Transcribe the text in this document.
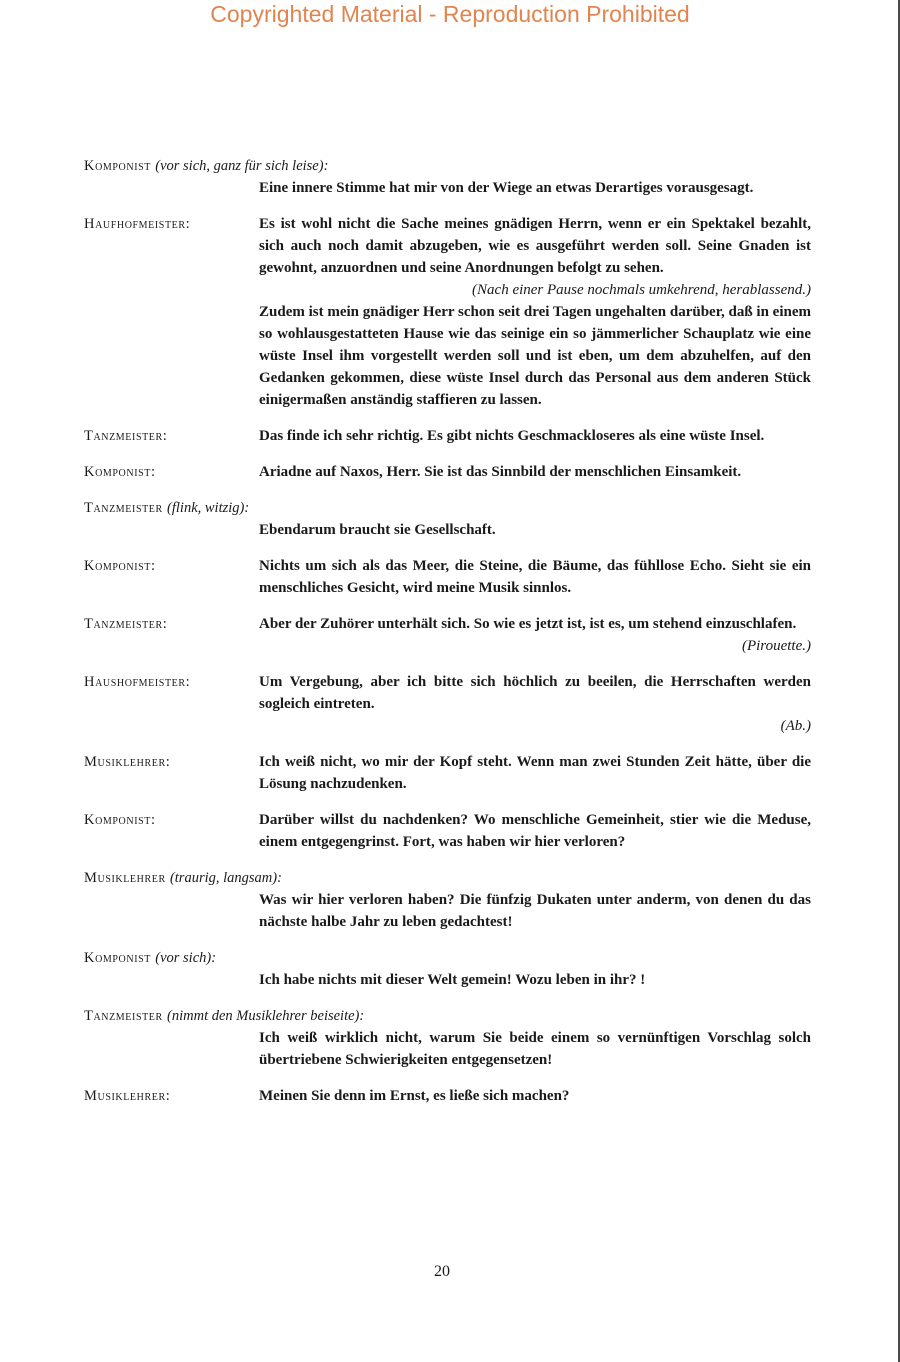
Copyrighted Material - Reproduction Prohibited
Komponist (vor sich, ganz für sich leise):
Eine innere Stimme hat mir von der Wiege an etwas Derartiges vorausgesagt.
Haufhofmeister:	Es ist wohl nicht die Sache meines gnädigen Herrn, wenn er ein Spektakel bezahlt, sich auch noch damit abzugeben, wie es ausgeführt werden soll. Seine Gnaden ist gewohnt, anzuordnen und seine Anordnungen befolgt zu sehen.
(Nach einer Pause nochmals umkehrend, herablassend.)
Zudem ist mein gnädiger Herr schon seit drei Tagen ungehalten darüber, daß in einem so wohlausgestatteten Hause wie das seinige ein so jämmerlicher Schauplatz wie eine wüste Insel ihm vorgestellt werden soll und ist eben, um dem abzuhelfen, auf den Gedanken gekommen, diese wüste Insel durch das Personal aus dem anderen Stück einigermaßen anständig staffieren zu lassen.
Tanzmeister:	Das finde ich sehr richtig. Es gibt nichts Geschmackloseres als eine wüste Insel.
Komponist:	Ariadne auf Naxos, Herr. Sie ist das Sinnbild der menschlichen Einsamkeit.
Tanzmeister (flink, witzig):
Ebendarum braucht sie Gesellschaft.
Komponist:	Nichts um sich als das Meer, die Steine, die Bäume, das fühllose Echo. Sieht sie ein menschliches Gesicht, wird meine Musik sinnlos.
Tanzmeister:	Aber der Zuhörer unterhält sich. So wie es jetzt ist, ist es, um stehend einzuschlafen.
(Pirouette.)
Haushofmeister:	Um Vergebung, aber ich bitte sich höchlich zu beeilen, die Herrschaften werden sogleich eintreten.
(Ab.)
Musiklehrer:	Ich weiß nicht, wo mir der Kopf steht. Wenn man zwei Stunden Zeit hätte, über die Lösung nachzudenken.
Komponist:	Darüber willst du nachdenken? Wo menschliche Gemeinheit, stier wie die Meduse, einem entgegengrinst. Fort, was haben wir hier verloren?
Musiklehrer (traurig, langsam):
Was wir hier verloren haben? Die fünfzig Dukaten unter anderm, von denen du das nächste halbe Jahr zu leben gedachtest!
Komponist (vor sich):
Ich habe nichts mit dieser Welt gemein! Wozu leben in ihr? !
Tanzmeister (nimmt den Musiklehrer beiseite):
Ich weiß wirklich nicht, warum Sie beide einem so vernünftigen Vorschlag solch übertriebene Schwierigkeiten entgegensetzen!
Musiklehrer:	Meinen Sie denn im Ernst, es ließe sich machen?
20
